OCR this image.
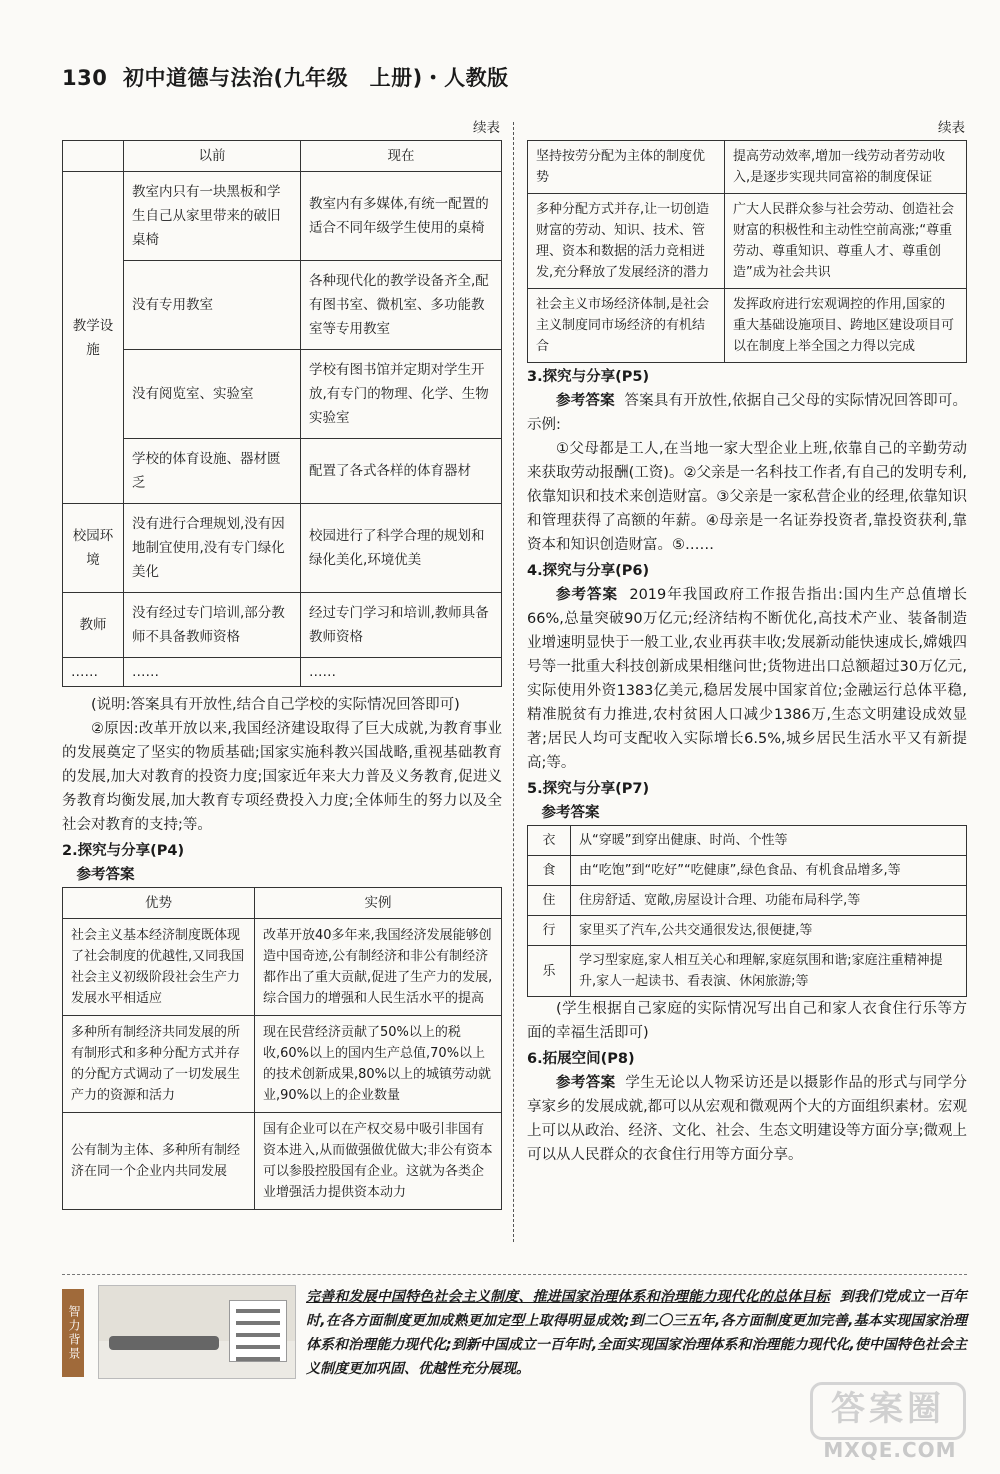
130 初中道德与法治(九年级　上册)・人教版
续表
	以前	现在
教学设施	教室内只有一块黑板和学生自己从家里带来的破旧桌椅	教室内有多媒体,有统一配置的适合不同年级学生使用的桌椅
	没有专用教室	各种现代化的教学设备齐全,配有图书室、微机室、多功能教室等专用教室
	没有阅览室、实验室	学校有图书馆并定期对学生开放,有专门的物理、化学、生物实验室
	学校的体育设施、器材匮乏	配置了各式各样的体育器材
校园环境	没有进行合理规划,没有因地制宜使用,没有专门绿化美化	校园进行了科学合理的规划和绿化美化,环境优美
教师	没有经过专门培训,部分教师不具备教师资格	经过专门学习和培训,教师具备教师资格
……	……	……

(说明:答案具有开放性,结合自己学校的实际情况回答即可)

②原因:改革开放以来,我国经济建设取得了巨大成就,为教育事业的发展奠定了坚实的物质基础;国家实施科教兴国战略,重视基础教育的发展,加大对教育的投资力度;国家近年来大力普及义务教育,促进义务教育均衡发展,加大教育专项经费投入力度;全体师生的努力以及全社会对教育的支持;等。

2.探究与分享(P4)
参考答案
优势	实例
社会主义基本经济制度既体现了社会制度的优越性,又同我国社会主义初级阶段社会生产力发展水平相适应	改革开放40多年来,我国经济发展能够创造中国奇迹,公有制经济和非公有制经济都作出了重大贡献,促进了生产力的发展,综合国力的增强和人民生活水平的提高
多种所有制经济共同发展的所有制形式和多种分配方式并存的分配方式调动了一切发展生产力的资源和活力	现在民营经济贡献了50%以上的税收,60%以上的国内生产总值,70%以上的技术创新成果,80%以上的城镇劳动就业,90%以上的企业数量
公有制为主体、多种所有制经济在同一个企业内共同发展	国有企业可以在产权交易中吸引非国有资本进入,从而做强做优做大;非公有资本可以参股控股国有企业。这就为各类企业增强活力提供资本动力
续表
坚持按劳分配为主体的制度优势	提高劳动效率,增加一线劳动者劳动收入,是逐步实现共同富裕的制度保证
多种分配方式并存,让一切创造财富的劳动、知识、技术、管理、资本和数据的活力竞相迸发,充分释放了发展经济的潜力	广大人民群众参与社会劳动、创造社会财富的积极性和主动性空前高涨;“尊重劳动、尊重知识、尊重人才、尊重创造”成为社会共识
社会主义市场经济体制,是社会主义制度同市场经济的有机结合	发挥政府进行宏观调控的作用,国家的重大基础设施项目、跨地区建设项目可以在制度上举全国之力得以完成
3.探究与分享(P5)

参考答案 答案具有开放性,依据自己父母的实际情况回答即可。示例:

①父母都是工人,在当地一家大型企业上班,依靠自己的辛勤劳动来获取劳动报酬(工资)。②父亲是一名科技工作者,有自己的发明专利,依靠知识和技术来创造财富。③父亲是一家私营企业的经理,依靠知识和管理获得了高额的年薪。④母亲是一名证券投资者,靠投资获利,靠资本和知识创造财富。⑤……

4.探究与分享(P6)

参考答案 2019年我国政府工作报告指出:国内生产总值增长66%,总量突破90万亿元;经济结构不断优化,高技术产业、装备制造业增速明显快于一般工业,农业再获丰收;发展新动能快速成长,嫦娥四号等一批重大科技创新成果相继问世;货物进出口总额超过30万亿元,实际使用外资1383亿美元,稳居发展中国家首位;金融运行总体平稳,精准脱贫有力推进,农村贫困人口减少1386万,生态文明建设成效显著;居民人均可支配收入实际增长6.5%,城乡居民生活水平又有新提高;等。

5.探究与分享(P7)
参考答案
衣	从“穿暖”到穿出健康、时尚、个性等
食	由“吃饱”到“吃好”“吃健康”,绿色食品、有机食品增多,等
住	住房舒适、宽敞,房屋设计合理、功能布局科学,等
行	家里买了汽车,公共交通很发达,很便捷,等
乐	学习型家庭,家人相互关心和理解,家庭氛围和谐;家庭注重精神提升,家人一起读书、看表演、休闲旅游;等

(学生根据自己家庭的实际情况写出自己和家人衣食住行乐等方面的幸福生活即可)

6.拓展空间(P8)

参考答案 学生无论以人物采访还是以摄影作品的形式与同学分享家乡的发展成就,都可以从宏观和微观两个大的方面组织素材。宏观上可以从政治、经济、文化、社会、生态文明建设等方面分享;微观上可以从人民群众的衣食住行用等方面分享。

智力背景
完善和发展中国特色社会主义制度、推进国家治理体系和治理能力现代化的总体目标 到我们党成立一百年时,在各方面制度更加成熟更加定型上取得明显成效;到二〇三五年,各方面制度更加完善,基本实现国家治理体系和治理能力现代化;到新中国成立一百年时,全面实现国家治理体系和治理能力现代化,使中国特色社会主义制度更加巩固、优越性充分展现。
答案圈
MXQE.COM
